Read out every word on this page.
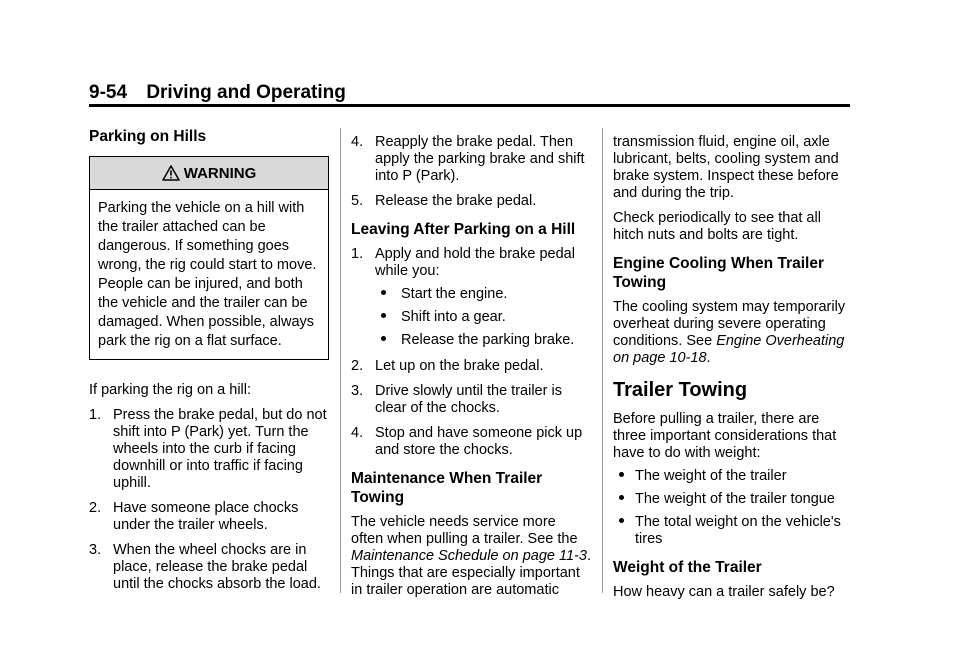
9-54 Driving and Operating
Parking on Hills
WARNING
Parking the vehicle on a hill with the trailer attached can be dangerous. If something goes wrong, the rig could start to move. People can be injured, and both the vehicle and the trailer can be damaged. When possible, always park the rig on a flat surface.

If parking the rig on a hill:

1. Press the brake pedal, but do not shift into P (Park) yet. Turn the wheels into the curb if facing downhill or into traffic if facing uphill.
2. Have someone place chocks under the trailer wheels.
3. When the wheel chocks are in place, release the brake pedal until the chocks absorb the load.
4. Reapply the brake pedal. Then apply the parking brake and shift into P (Park).
5. Release the brake pedal.
Leaving After Parking on a Hill
1. Apply and hold the brake pedal while you:
Start the engine.
Shift into a gear.
Release the parking brake.
2. Let up on the brake pedal.
3. Drive slowly until the trailer is clear of the chocks.
4. Stop and have someone pick up and store the chocks.
Maintenance When Trailer Towing

The vehicle needs service more often when pulling a trailer. See the Maintenance Schedule on page 11-3. Things that are especially important in trailer operation are automatic

transmission fluid, engine oil, axle lubricant, belts, cooling system and brake system. Inspect these before and during the trip.

Check periodically to see that all hitch nuts and bolts are tight.

Engine Cooling When Trailer Towing

The cooling system may temporarily overheat during severe operating conditions. See Engine Overheating on page 10-18.

Trailer Towing

Before pulling a trailer, there are three important considerations that have to do with weight:

The weight of the trailer
The weight of the trailer tongue
The total weight on the vehicle's tires
Weight of the Trailer

How heavy can a trailer safely be?
